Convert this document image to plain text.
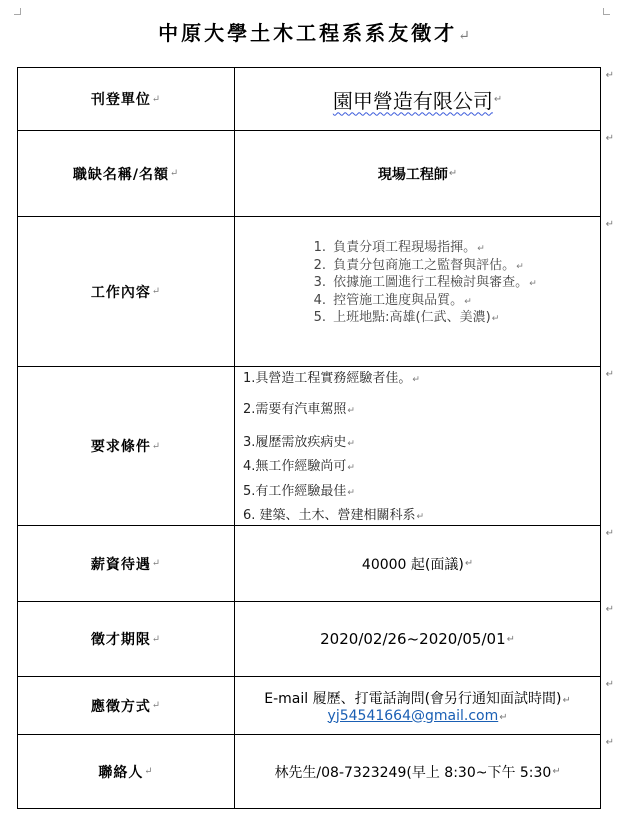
中原大學土木工程系系友徵才↵
刊登單位 ↵	園甲營造有限公司 ↵
↵
職缺名稱/名額 ↵	現場工程師 ↵
↵
工作內容 ↵
1. 負責分項工程現場指揮。↵
2. 負責分包商施工之監督與評估。↵
3. 依據施工圖進行工程檢討與審查。↵
4. 控管施工進度與品質。↵
5. 上班地點:高雄(仁武、美濃)↵
↵
要求條件 ↵
1.具營造工程實務經驗者佳。↵
2.需要有汽車駕照↵
3.履歷需放疾病史↵
4.無工作經驗尚可↵
5.有工作經驗最佳↵
6. 建築、土木、營建相關科系↵
↵
薪資待遇 ↵	40000 起(面議) ↵
↵
徵才期限 ↵	2020/02/26~2020/05/01 ↵
↵
應徵方式 ↵	E-mail 履歷、打電話詢問(會另行通知面試時間)↵
yj54541664@gmail.com↵
↵
聯絡人 ↵	林先生/08-7323249(早上 8:30~下午 5:30 ↵
↵
